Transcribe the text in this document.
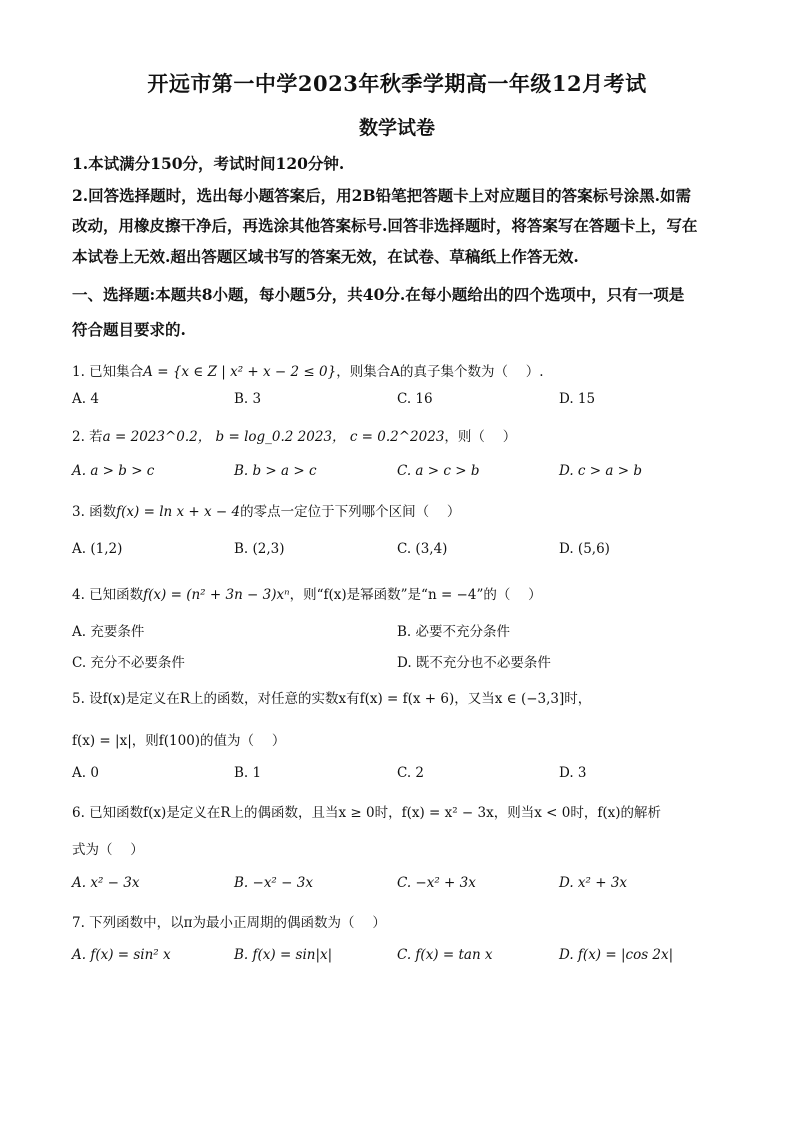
开远市第一中学2023年秋季学期高一年级12月考试
数学试卷
1.本试满分150分，考试时间120分钟.
2.回答选择题时，选出每小题答案后，用2B铅笔把答题卡上对应题目的答案标号涂黑.如需
改动，用橡皮擦干净后，再选涂其他答案标号.回答非选择题时，将答案写在答题卡上，写在
本试卷上无效.超出答题区域书写的答案无效，在试卷、草稿纸上作答无效.
一、选择题:本题共8小题，每小题5分，共40分.在每小题给出的四个选项中，只有一项是
符合题目要求的.
1. 已知集合A = {x ∈ Z | x² + x − 2 ≤ 0}，则集合A的真子集个数为（　 ）.
A. 4	B. 3	C. 16	D. 15
2. 若a = 2023^0.2， b = log_0.2 2023， c = 0.2^2023，则（　 ）
A. a > b > c	B. b > a > c	C. a > c > b	D. c > a > b
3. 函数f(x) = ln x + x − 4的零点一定位于下列哪个区间（　 ）
A. (1,2)	B. (2,3)	C. (3,4)	D. (5,6)
4. 已知函数f(x) = (n² + 3n − 3)xⁿ，则“f(x)是幂函数”是“n = −4”的（　 ）
A. 充要条件	B. 必要不充分条件
C. 充分不必要条件	D. 既不充分也不必要条件
5. 设f(x)是定义在R上的函数，对任意的实数x有f(x) = f(x + 6)，又当x ∈ (−3,3]时，
f(x) = |x|，则f(100)的值为（　 ）
A. 0	B. 1	C. 2	D. 3
6. 已知函数f(x)是定义在R上的偶函数，且当x ≥ 0时，f(x) = x² − 3x，则当x < 0时，f(x)的解析
式为（　 ）
A. x² − 3x	B. −x² − 3x	C. −x² + 3x	D. x² + 3x
7. 下列函数中，以π为最小正周期的偶函数为（　 ）
A. f(x) = sin² x	B. f(x) = sin|x|	C. f(x) = tan x	D. f(x) = |cos 2x|
